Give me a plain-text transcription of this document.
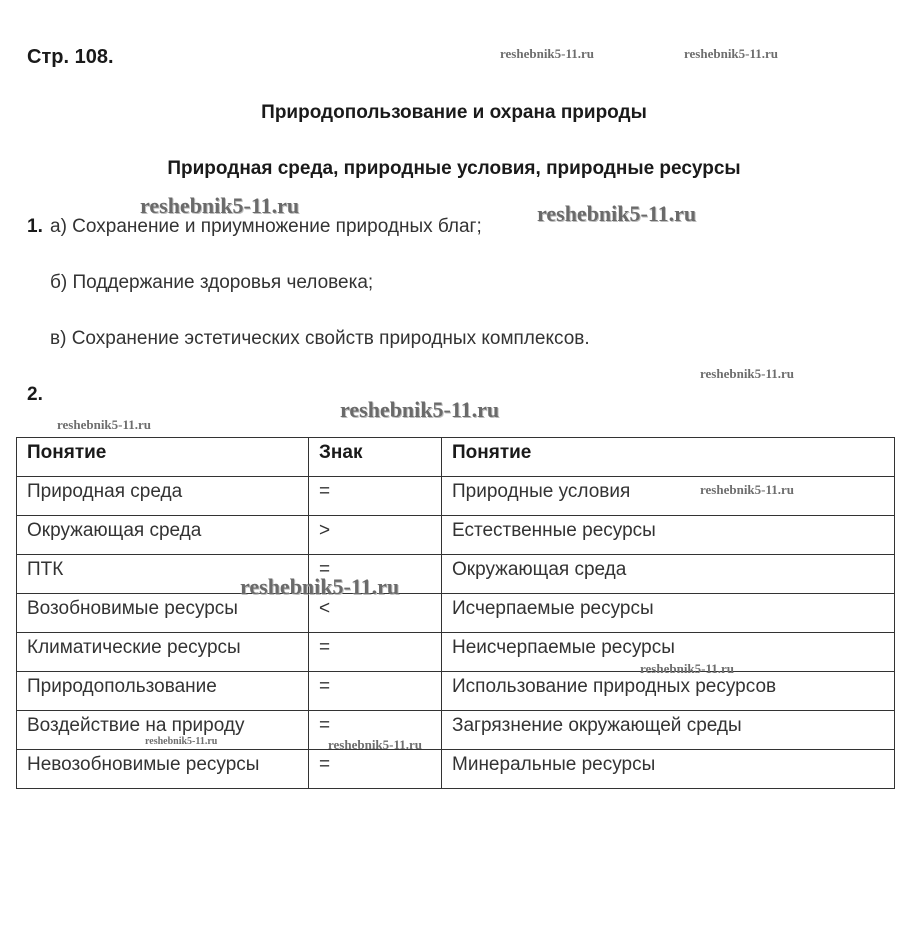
Стр. 108.
Природопользование и охрана природы
Природная среда, природные условия, природные ресурсы
1. а) Сохранение и приумножение природных благ;
б) Поддержание здоровья человека;
в) Сохранение эстетических свойств природных комплексов.
2.
Понятие	Знак	Понятие
Природная среда	=	Природные условия
Окружающая среда	>	Естественные ресурсы
ПТК	=	Окружающая среда
Возобновимые ресурсы	<	Исчерпаемые ресурсы
Климатические ресурсы	=	Неисчерпаемые ресурсы
Природопользование	=	Использование природных ресурсов
Воздействие на природу	=	Загрязнение окружающей среды
Невозобновимые ресурсы	=	Минеральные ресурсы
reshebnik5-11.ru	reshebnik5-11.ru
reshebnik5-11.ru	reshebnik5-11.ru
reshebnik5-11.ru
reshebnik5-11.ru
reshebnik5-11.ru
reshebnik5-11.ru
reshebnik5-11.ru
reshebnik5-11.ru
reshebnik5-11.ru	reshebnik5-11.ru
